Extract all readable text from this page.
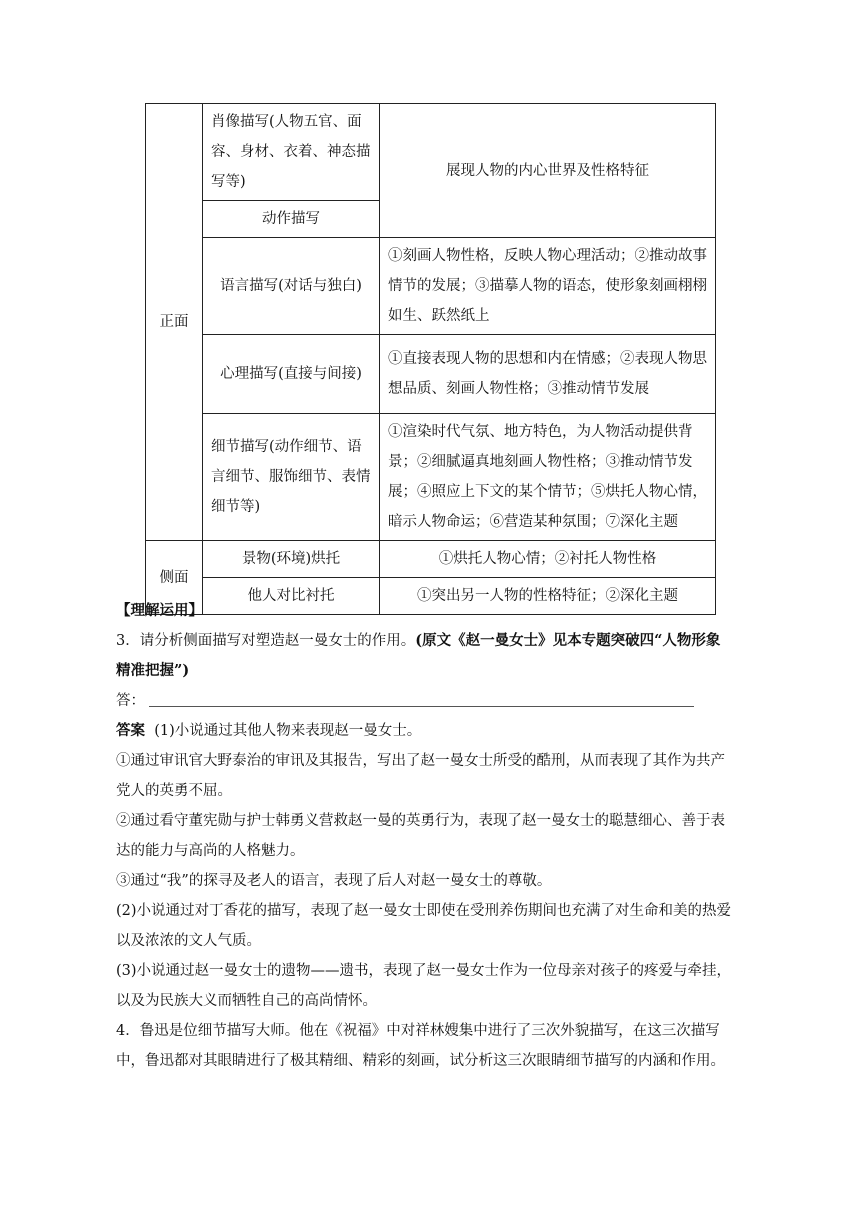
正面	肖像描写(人物五官、面容、身材、衣着、神态描写等)	展现人物的内心世界及性格特征
	动作描写	
	语言描写(对话与独白)	①刻画人物性格，反映人物心理活动；②推动故事情节的发展；③描摹人物的语态，使形象刻画栩栩如生、跃然纸上
	心理描写(直接与间接)	①直接表现人物的思想和内在情感；②表现人物思想品质、刻画人物性格；③推动情节发展
	细节描写(动作细节、语言细节、服饰细节、表情细节等)	①渲染时代气氛、地方特色，为人物活动提供背景；②细腻逼真地刻画人物性格；③推动情节发展；④照应上下文的某个情节；⑤烘托人物心情，暗示人物命运；⑥营造某种氛围；⑦深化主题
侧面	景物(环境)烘托	①烘托人物心情；②衬托人物性格
	他人对比衬托	①突出另一人物的性格特征；②深化主题

【理解运用】

3．请分析侧面描写对塑造赵一曼女士的作用。(原文《赵一曼女士》见本专题突破四“人物形象　精准把握”)

答：

答案 (1)小说通过其他人物来表现赵一曼女士。

①通过审讯官大野泰治的审讯及其报告，写出了赵一曼女士所受的酷刑，从而表现了其作为共产党人的英勇不屈。

②通过看守董宪勋与护士韩勇义营救赵一曼的英勇行为，表现了赵一曼女士的聪慧细心、善于表达的能力与高尚的人格魅力。

③通过“我”的探寻及老人的语言，表现了后人对赵一曼女士的尊敬。

(2)小说通过对丁香花的描写，表现了赵一曼女士即使在受刑养伤期间也充满了对生命和美的热爱以及浓浓的文人气质。

(3)小说通过赵一曼女士的遗物——遗书，表现了赵一曼女士作为一位母亲对孩子的疼爱与牵挂，以及为民族大义而牺牲自己的高尚情怀。

4．鲁迅是位细节描写大师。他在《祝福》中对祥林嫂集中进行了三次外貌描写，在这三次描写中，鲁迅都对其眼睛进行了极其精细、精彩的刻画，试分析这三次眼睛细节描写的内涵和作用。
